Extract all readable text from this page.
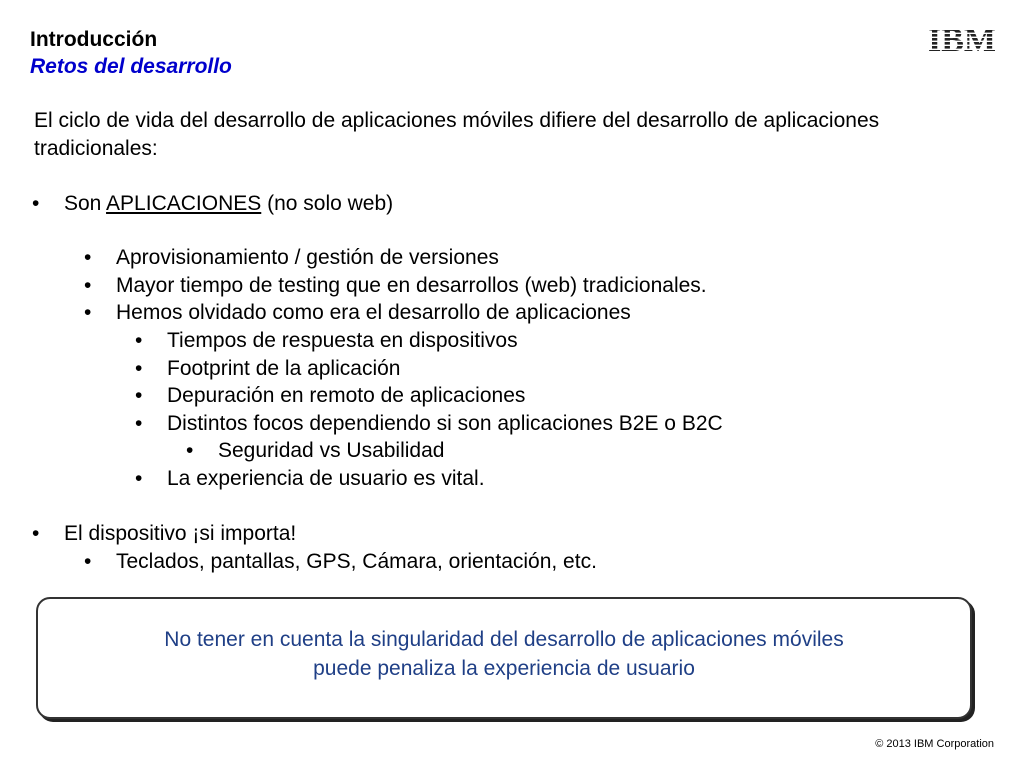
Introducción
Retos del desarrollo
El ciclo de vida del desarrollo de aplicaciones móviles difiere del desarrollo de aplicaciones tradicionales:
• Son APLICACIONES (no solo web)
• Aprovisionamiento / gestión de versiones
• Mayor tiempo de testing que en desarrollos (web) tradicionales.
• Hemos olvidado como era el desarrollo de aplicaciones
• Tiempos de respuesta en dispositivos
• Footprint de la aplicación
• Depuración en remoto de aplicaciones
• Distintos focos dependiendo si son aplicaciones B2E o B2C
• Seguridad vs Usabilidad
• La experiencia de usuario es vital.
• El dispositivo ¡si importa!
• Teclados, pantallas, GPS, Cámara, orientación, etc.
No tener en cuenta la singularidad del desarrollo de aplicaciones móviles
puede penaliza la experiencia de usuario
© 2013 IBM Corporation
